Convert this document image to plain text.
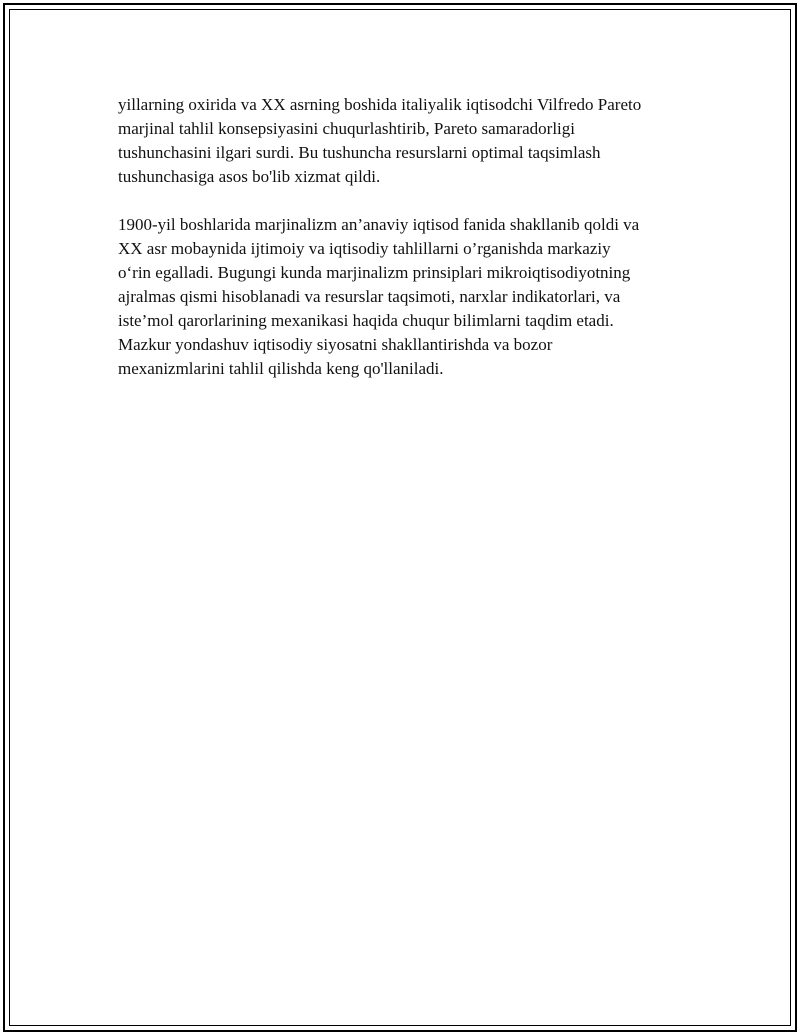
yillarning oxirida va XX asrning boshida italiyalik iqtisodchi Vilfredo Pareto
marjinal tahlil konsepsiyasini chuqurlashtirib, Pareto samaradorligi
tushunchasini ilgari surdi. Bu tushuncha resurslarni optimal taqsimlash
tushunchasiga asos bo'lib xizmat qildi.

1900-yil boshlarida marjinalizm an’anaviy iqtisod fanida shakllanib qoldi va
XX asr mobaynida ijtimoiy va iqtisodiy tahlillarni o’rganishda markaziy
o‘rin egalladi. Bugungi kunda marjinalizm prinsiplari mikroiqtisodiyotning
ajralmas qismi hisoblanadi va resurslar taqsimoti, narxlar indikatorlari, va
iste’mol qarorlarining mexanikasi haqida chuqur bilimlarni taqdim etadi.
Mazkur yondashuv iqtisodiy siyosatni shakllantirishda va bozor
mexanizmlarini tahlil qilishda keng qo'llaniladi.
